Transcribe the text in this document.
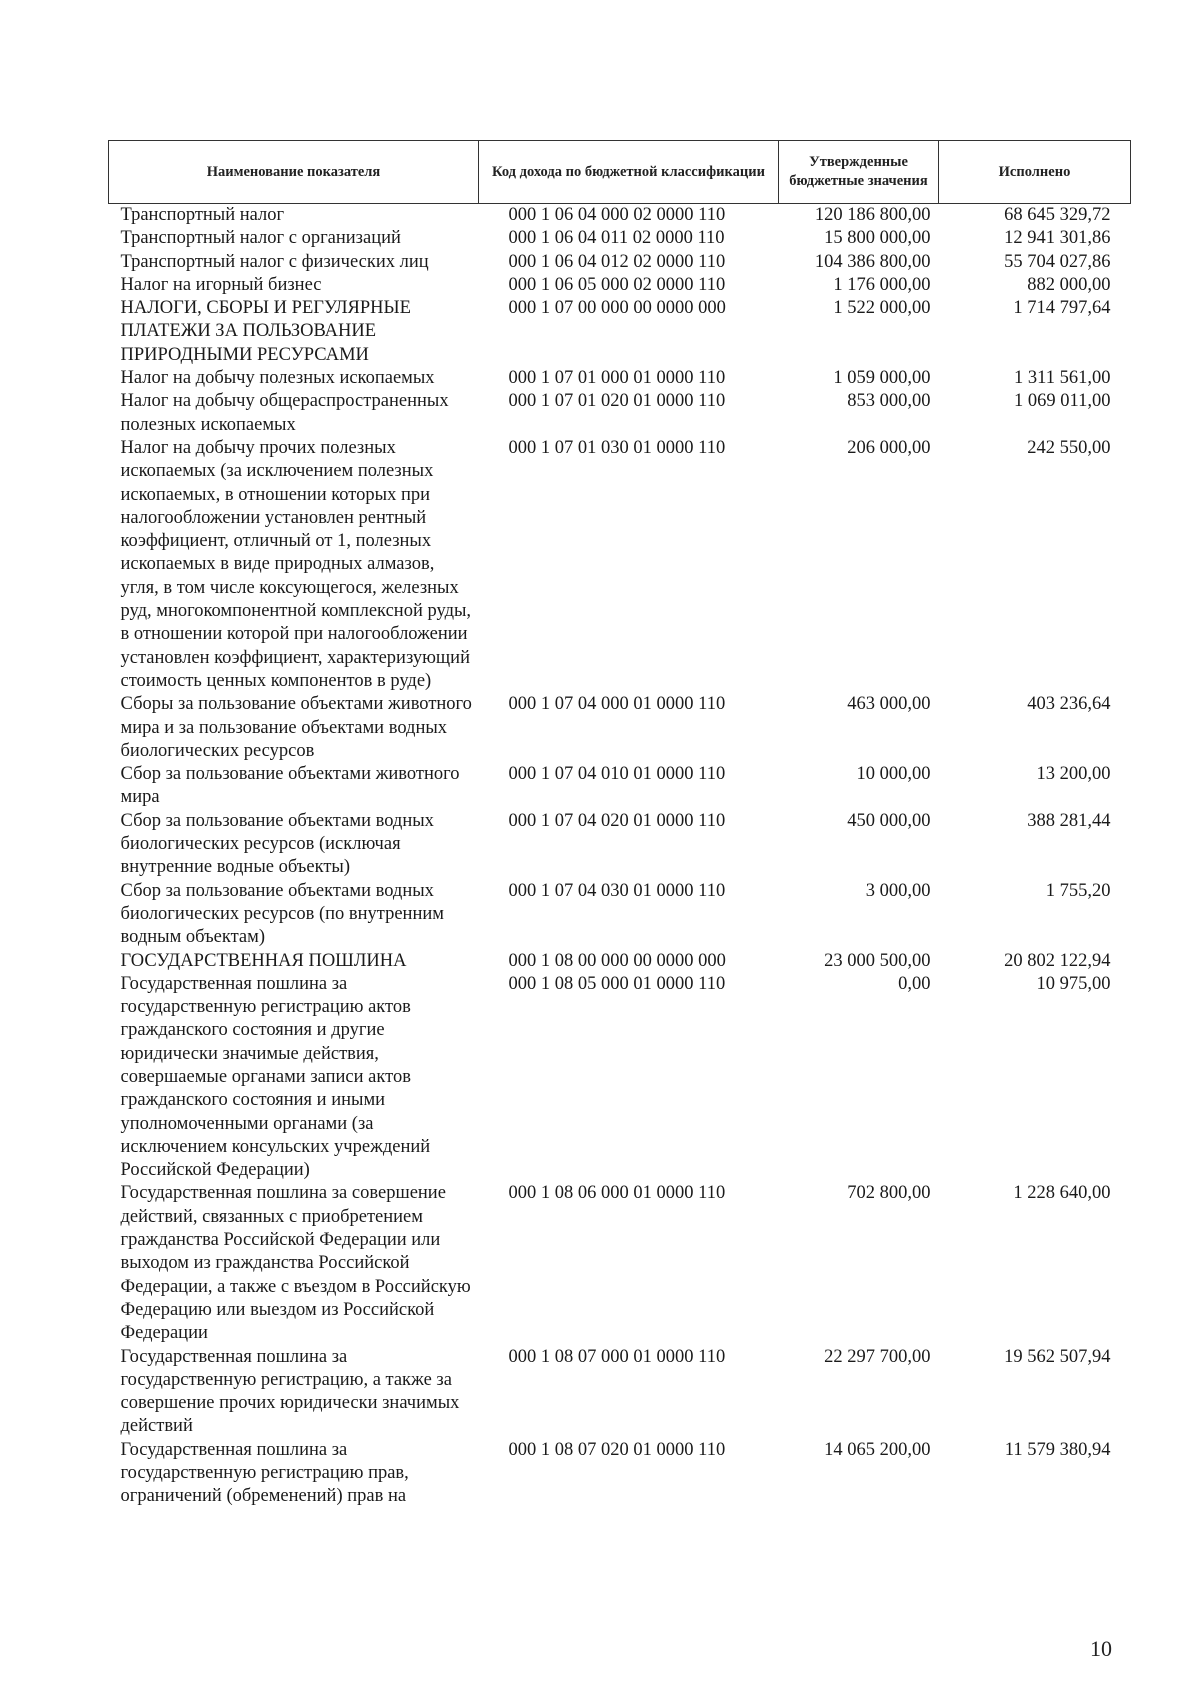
Наименование показателя	Код дохода по бюджетной классификации	Утвержденные бюджетные значения	Исполнено
Транспортный налог	000 1 06 04 000 02 0000 110	120 186 800,00	68 645 329,72
Транспортный налог с организаций	000 1 06 04 011 02 0000 110	15 800 000,00	12 941 301,86
Транспортный налог с физических лиц	000 1 06 04 012 02 0000 110	104 386 800,00	55 704 027,86
Налог на игорный бизнес	000 1 06 05 000 02 0000 110	1 176 000,00	882 000,00
НАЛОГИ, СБОРЫ И РЕГУЛЯРНЫЕ ПЛАТЕЖИ ЗА ПОЛЬЗОВАНИЕ ПРИРОДНЫМИ РЕСУРСАМИ	000 1 07 00 000 00 0000 000	1 522 000,00	1 714 797,64
Налог на добычу полезных ископаемых	000 1 07 01 000 01 0000 110	1 059 000,00	1 311 561,00
Налог на добычу общераспространенных полезных ископаемых	000 1 07 01 020 01 0000 110	853 000,00	1 069 011,00
Налог на добычу прочих полезных ископаемых (за исключением полезных ископаемых, в отношении которых при налогообложении установлен рентный коэффициент, отличный от 1, полезных ископаемых в виде природных алмазов, угля, в том числе коксующегося, железных руд, многокомпонентной комплексной руды, в отношении которой при налогообложении установлен коэффициент, характеризующий стоимость ценных компонентов в руде)	000 1 07 01 030 01 0000 110	206 000,00	242 550,00
Сборы за пользование объектами животного мира и за пользование объектами водных биологических ресурсов	000 1 07 04 000 01 0000 110	463 000,00	403 236,64
Сбор за пользование объектами животного мира	000 1 07 04 010 01 0000 110	10 000,00	13 200,00
Сбор за пользование объектами водных биологических ресурсов (исключая внутренние водные объекты)	000 1 07 04 020 01 0000 110	450 000,00	388 281,44
Сбор за пользование объектами водных биологических ресурсов (по внутренним водным объектам)	000 1 07 04 030 01 0000 110	3 000,00	1 755,20
ГОСУДАРСТВЕННАЯ ПОШЛИНА	000 1 08 00 000 00 0000 000	23 000 500,00	20 802 122,94
Государственная пошлина за государственную регистрацию актов гражданского состояния и другие юридически значимые действия, совершаемые органами записи актов гражданского состояния и иными уполномоченными органами (за исключением консульских учреждений Российской Федерации)	000 1 08 05 000 01 0000 110	0,00	10 975,00
Государственная пошлина за совершение действий, связанных с приобретением гражданства Российской Федерации или выходом из гражданства Российской Федерации, а также с въездом в Российскую Федерацию или выездом из Российской Федерации	000 1 08 06 000 01 0000 110	702 800,00	1 228 640,00
Государственная пошлина за государственную регистрацию, а также за совершение прочих юридически значимых действий	000 1 08 07 000 01 0000 110	22 297 700,00	19 562 507,94
Государственная пошлина за государственную регистрацию прав, ограничений (обременений) прав на	000 1 08 07 020 01 0000 110	14 065 200,00	11 579 380,94
10
